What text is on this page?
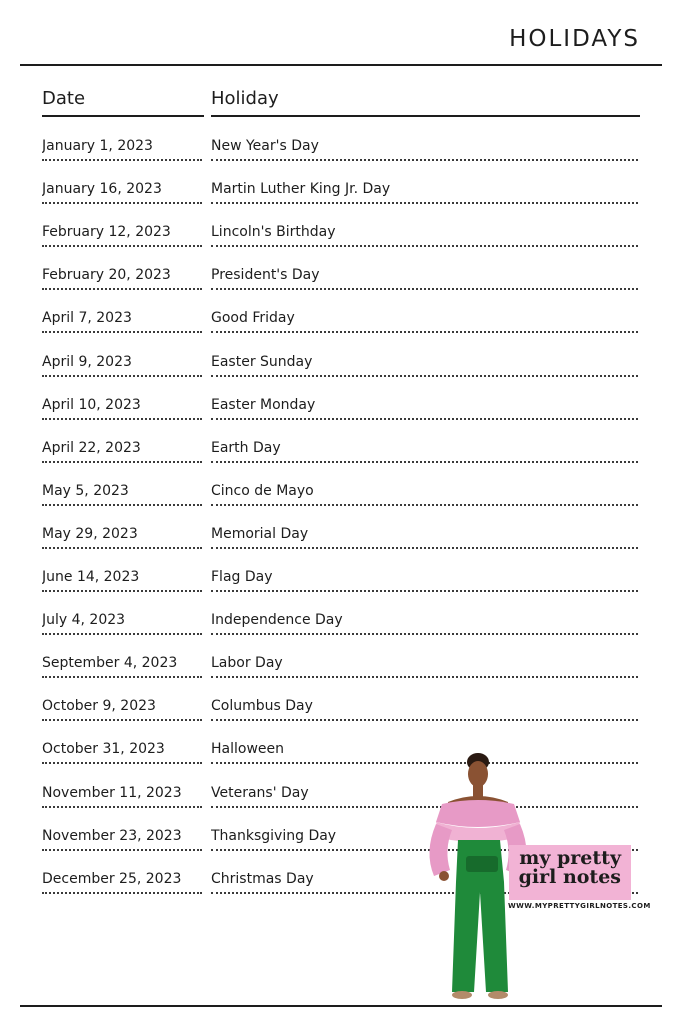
HOLIDAYS
Date	Holiday
January 1, 2023	New Year's Day
January 16, 2023	Martin Luther King Jr. Day
February 12, 2023	Lincoln's Birthday
February 20, 2023	President's Day
April 7, 2023	Good Friday
April 9, 2023	Easter Sunday
April 10, 2023	Easter Monday
April 22, 2023	Earth Day
May 5, 2023	Cinco de Mayo
May 29, 2023	Memorial Day
June 14, 2023	Flag Day
July 4, 2023	Independence Day
September 4, 2023	Labor Day
October 9, 2023	Columbus Day
October 31, 2023	Halloween
November 11, 2023	Veterans' Day
November 23, 2023	Thanksgiving Day
December 25, 2023	Christmas Day
my pretty girl notes
WWW.MYPRETTYGIRLNOTES.COM
